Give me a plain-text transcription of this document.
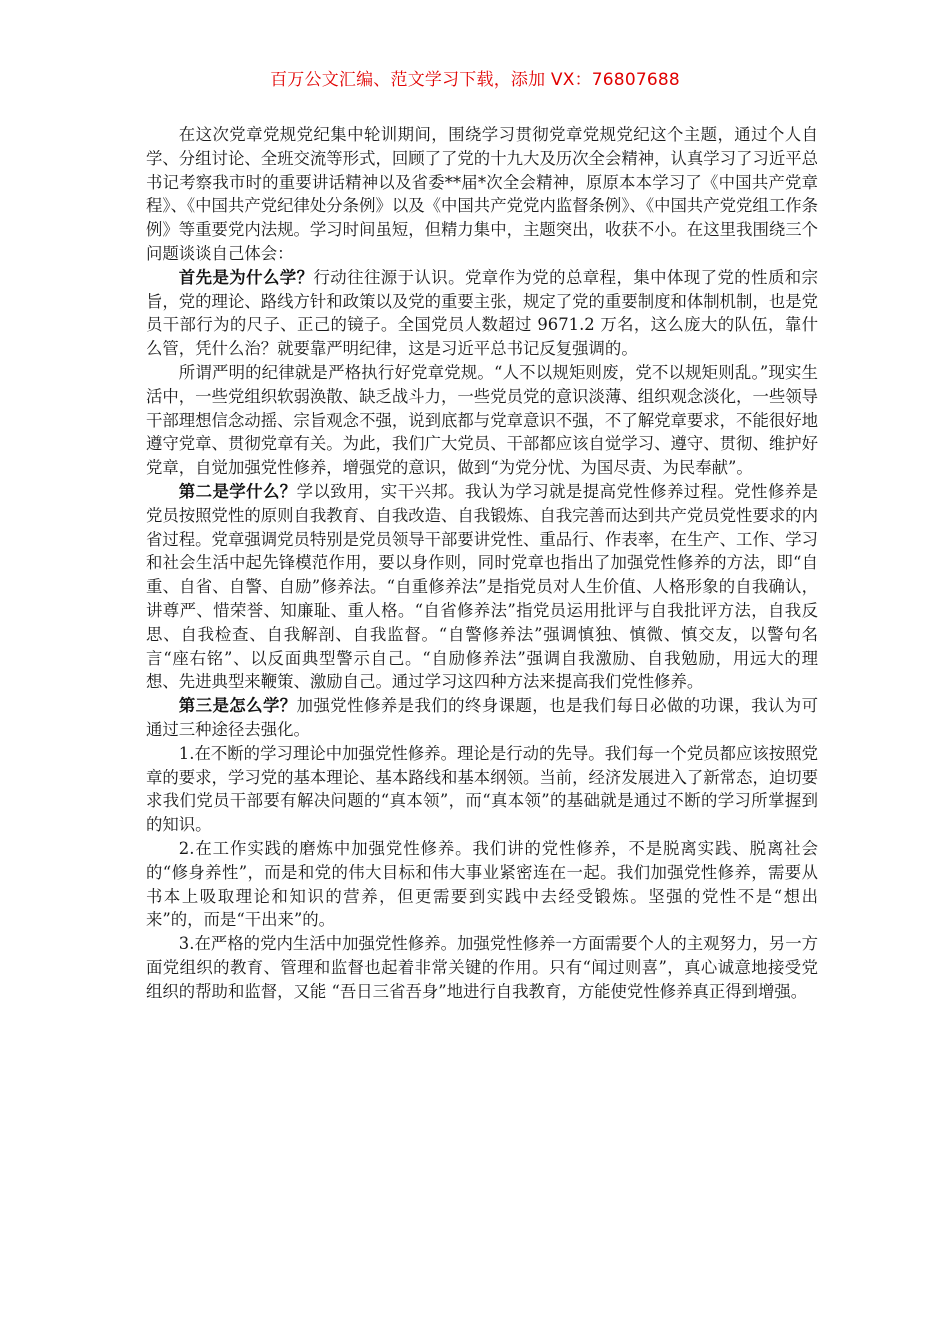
百万公文汇编、范文学习下载，添加 VX：76807688

在这次党章党规党纪集中轮训期间，围绕学习贯彻党章党规党纪这个主题，通过个人自学、分组讨论、全班交流等形式，回顾了了党的十九大及历次全会精神，认真学习了习近平总书记考察我市时的重要讲话精神以及省委**届*次全会精神，原原本本学习了《中国共产党章程》、《中国共产党纪律处分条例》以及《中国共产党党内监督条例》、《中国共产党党组工作条例》等重要党内法规。学习时间虽短，但精力集中，主题突出，收获不小。在这里我围绕三个问题谈谈自己体会：

首先是为什么学？行动往往源于认识。党章作为党的总章程，集中体现了党的性质和宗旨，党的理论、路线方针和政策以及党的重要主张，规定了党的重要制度和体制机制，也是党员干部行为的尺子、正己的镜子。全国党员人数超过 9671.2 万名，这么庞大的队伍，靠什么管，凭什么治？就要靠严明纪律，这是习近平总书记反复强调的。

所谓严明的纪律就是严格执行好党章党规。“人不以规矩则废，党不以规矩则乱。”现实生活中，一些党组织软弱涣散、缺乏战斗力，一些党员党的意识淡薄、组织观念淡化，一些领导干部理想信念动摇、宗旨观念不强，说到底都与党章意识不强，不了解党章要求，不能很好地遵守党章、贯彻党章有关。为此，我们广大党员、干部都应该自觉学习、遵守、贯彻、维护好党章，自觉加强党性修养，增强党的意识，做到“为党分忧、为国尽责、为民奉献”。

第二是学什么？学以致用，实干兴邦。我认为学习就是提高党性修养过程。党性修养是党员按照党性的原则自我教育、自我改造、自我锻炼、自我完善而达到共产党员党性要求的内省过程。党章强调党员特别是党员领导干部要讲党性、重品行、作表率，在生产、工作、学习和社会生活中起先锋模范作用，要以身作则，同时党章也指出了加强党性修养的方法，即“自重、自省、自警、自励”修养法。“自重修养法”是指党员对人生价值、人格形象的自我确认，讲尊严、惜荣誉、知廉耻、重人格。“自省修养法”指党员运用批评与自我批评方法，自我反思、自我检查、自我解剖、自我监督。“自警修养法”强调慎独、慎微、慎交友，以警句名言“座右铭”、以反面典型警示自己。“自励修养法”强调自我激励、自我勉励，用远大的理想、先进典型来鞭策、激励自己。通过学习这四种方法来提高我们党性修养。

第三是怎么学？加强党性修养是我们的终身课题，也是我们每日必做的功课，我认为可通过三种途径去强化。

1.在不断的学习理论中加强党性修养。理论是行动的先导。我们每一个党员都应该按照党章的要求，学习党的基本理论、基本路线和基本纲领。当前，经济发展进入了新常态，迫切要求我们党员干部要有解决问题的“真本领”，而“真本领”的基础就是通过不断的学习所掌握到的知识。

2.在工作实践的磨炼中加强党性修养。我们讲的党性修养，不是脱离实践、脱离社会的“修身养性”，而是和党的伟大目标和伟大事业紧密连在一起。我们加强党性修养，需要从书本上吸取理论和知识的营养，但更需要到实践中去经受锻炼。坚强的党性不是“想出来”的，而是“干出来”的。

3.在严格的党内生活中加强党性修养。加强党性修养一方面需要个人的主观努力，另一方面党组织的教育、管理和监督也起着非常关键的作用。只有“闻过则喜”，真心诚意地接受党组织的帮助和监督，又能 “吾日三省吾身”地进行自我教育，方能使党性修养真正得到增强。
